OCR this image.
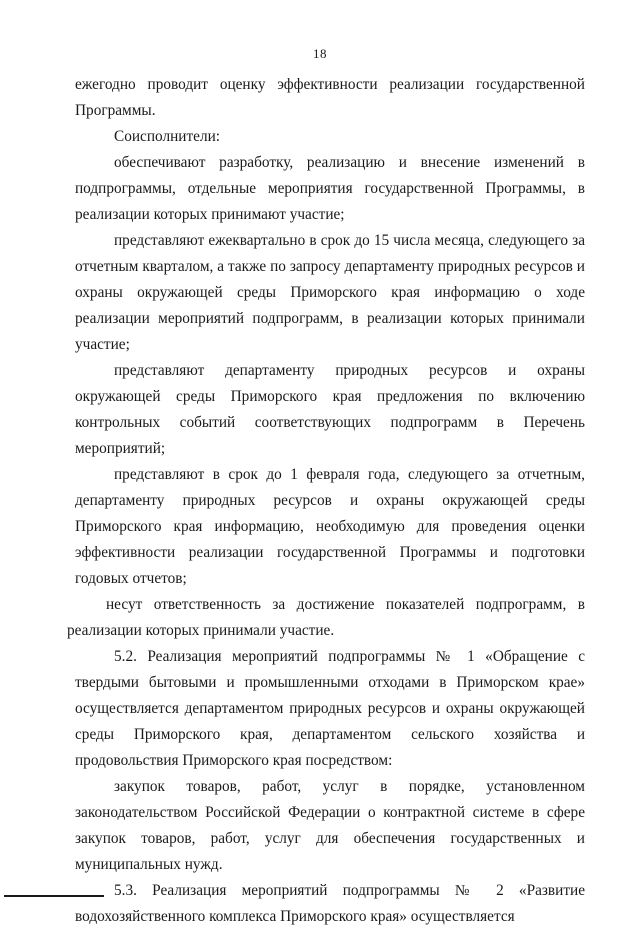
18

ежегодно проводит оценку эффективности реализации государственной Программы.

Соисполнители:

обеспечивают разработку, реализацию и внесение изменений в подпрограммы, отдельные мероприятия государственной Программы, в реализации которых принимают участие;

представляют ежеквартально в срок до 15 числа месяца, следующего за отчетным кварталом, а также по запросу департаменту природных ресурсов и охраны окружающей среды Приморского края информацию о ходе реализации мероприятий подпрограмм, в реализации которых принимали участие;

представляют департаменту природных ресурсов и охраны окружающей среды Приморского края предложения по включению контрольных событий соответствующих подпрограмм в Перечень мероприятий;

представляют в срок до 1 февраля года, следующего за отчетным, департаменту природных ресурсов и охраны окружающей среды Приморского края информацию, необходимую для проведения оценки эффективности реализации государственной Программы и подготовки годовых отчетов;

несут ответственность за достижение показателей подпрограмм, в реализации которых принимали участие.

5.2. Реализация мероприятий подпрограммы № 1 «Обращение с твердыми бытовыми и промышленными отходами в Приморском крае» осуществляется департаментом природных ресурсов и охраны окружающей среды Приморского края, департаментом сельского хозяйства и продовольствия Приморского края посредством:

закупок товаров, работ, услуг в порядке, установленном законодательством Российской Федерации о контрактной системе в сфере закупок товаров, работ, услуг для обеспечения государственных и муниципальных нужд.

5.3. Реализация мероприятий подпрограммы № 2 «Развитие водохозяйственного комплекса Приморского края» осуществляется
